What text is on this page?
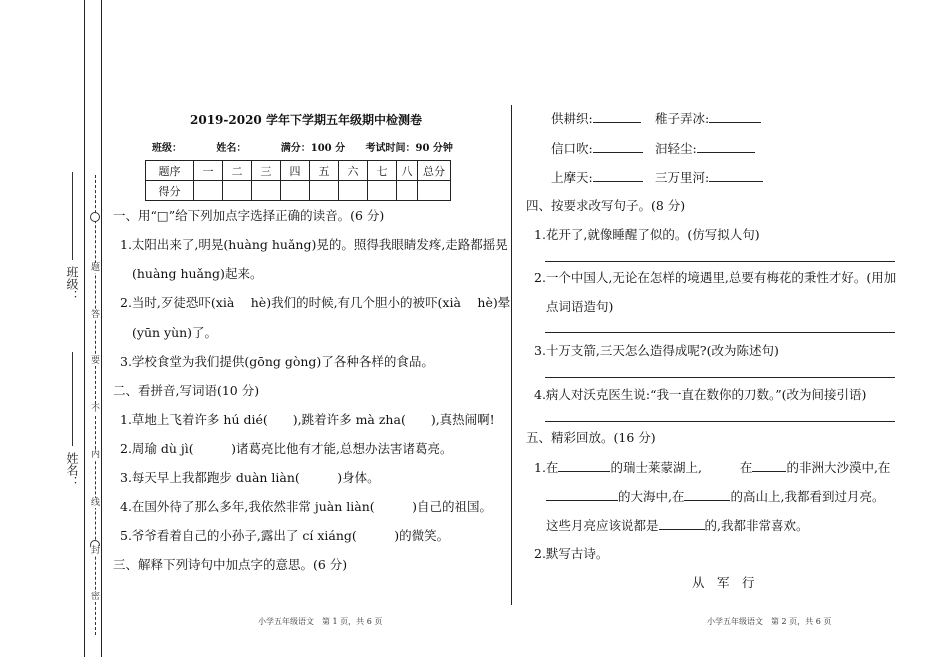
班级：
姓名：
题
答
要
不
内
线
封
密
2019-2020 学年下学期五年级期中检测卷
班级：	姓名：	满分：100 分 考试时间：90 分钟
题序	一	二	三	四	五	六	七	八	总分
得分									
一、用“□”给下列加点字选择正确的读音。(6 分)
1.太阳出来了,明晃(huàng huǎng)晃的。照得我眼睛发疼,走路都摇晃
(huàng huǎng)起来。
2.当时,歹徒恐吓(xià　 hè)我们的时候,有几个胆小的被吓(xià　 hè)晕
(yūn yùn)了。
3.学校食堂为我们提供(gōng gòng)了各种各样的食品。
二、看拼音,写词语(10 分)
1.草地上飞着许多 hú dié(　　),跳着许多 mà zha(　　),真热闹啊!
2.周瑜 dù jì(　　　)诸葛亮比他有才能,总想办法害诸葛亮。
3.每天早上我都跑步 duàn liàn(　　　)身体。
4.在国外待了那么多年,我依然非常 juàn liàn(　　　)自己的祖国。
5.爷爷看着自己的小孙子,露出了 cí xiáng(　　　)的微笑。
三、解释下列诗句中加点字的意思。(6 分)
小学五年级语文　第 1 页，共 6 页
供耕织:	稚子弄冰:
信口吹:	汩轻尘:
上摩天:	三万里河:
四、按要求改写句子。(8 分)
1.花开了,就像睡醒了似的。(仿写拟人句)
2.一个中国人,无论在怎样的境遇里,总要有梅花的秉性才好。(用加
点词语造句)
3.十万支箭,三天怎么造得成呢?(改为陈述句)
4.病人对沃克医生说:“我一直在数你的刀数。”(改为间接引语)
五、精彩回放。(16 分)
1.在	的瑞士莱蒙湖上,	在	的非洲大沙漠中,在
的大海中,在	的高山上,我都看到过月亮。
这些月亮应该说都是	的,我都非常喜欢。
2.默写古诗。
从　军　行
小学五年级语文　第 2 页，共 6 页
